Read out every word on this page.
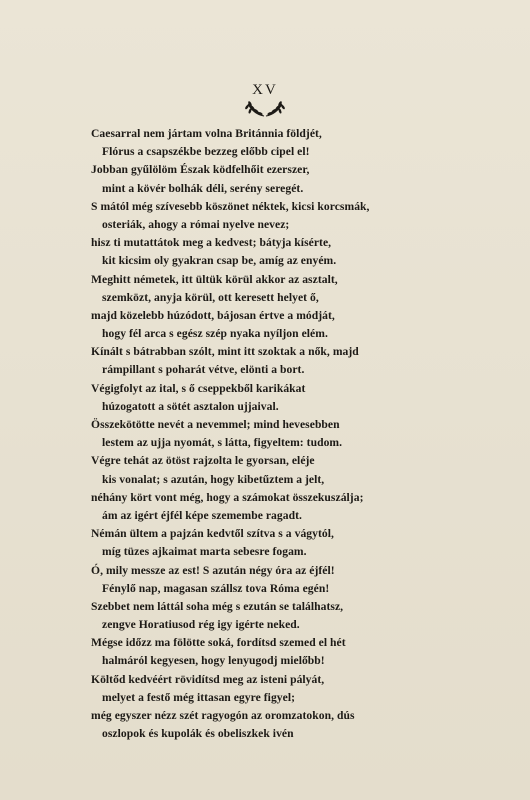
XV
Caesarral nem jártam volna Británnia földjét,
Flórus a csapszékbe bezzeg előbb cipel el!
Jobban gyűlölöm Észak ködfelhőit ezerszer,
mint a kövér bolhák déli, serény seregét.
S mától még szívesebb köszönet néktek, kicsi korcsmák,
osteriák, ahogy a római nyelve nevez;
hisz ti mutattátok meg a kedvest; bátyja kísérte,
kit kicsim oly gyakran csap be, amíg az enyém.
Meghitt németek, itt ültük körül akkor az asztalt,
szemközt, anyja körül, ott keresett helyet ő,
majd közelebb húzódott, bájosan értve a módját,
hogy fél arca s egész szép nyaka nyíljon elém.
Kínált s bátrabban szólt, mint itt szoktak a nők, majd
rámpillant s poharát vétve, elönti a bort.
Végigfolyt az ital, s ő cseppekből karikákat
húzogatott a sötét asztalon ujjaival.
Összekötötte nevét a nevemmel; mind hevesebben
lestem az ujja nyomát, s látta, figyeltem: tudom.
Végre tehát az ötöst rajzolta le gyorsan, eléje
kis vonalat; s azután, hogy kibetűztem a jelt,
néhány kört vont még, hogy a számokat összekuszálja;
ám az igért éjfél képe szemembe ragadt.
Némán ültem a pajzán kedvtől szítva s a vágytól,
míg tüzes ajkaimat marta sebesre fogam.
Ó, mily messze az est! S azután négy óra az éjfél!
Fénylő nap, magasan szállsz tova Róma egén!
Szebbet nem láttál soha még s ezután se találhatsz,
zengve Horatiusod rég igy igérte neked.
Mégse időzz ma fölötte soká, fordítsd szemed el hét
halmáról kegyesen, hogy lenyugodj mielőbb!
Költőd kedvéért rövidítsd meg az isteni pályát,
melyet a festő még ittasan egyre figyel;
még egyszer nézz szét ragyogón az oromzatokon, dús
oszlopok és kupolák és obeliszkek ivén
